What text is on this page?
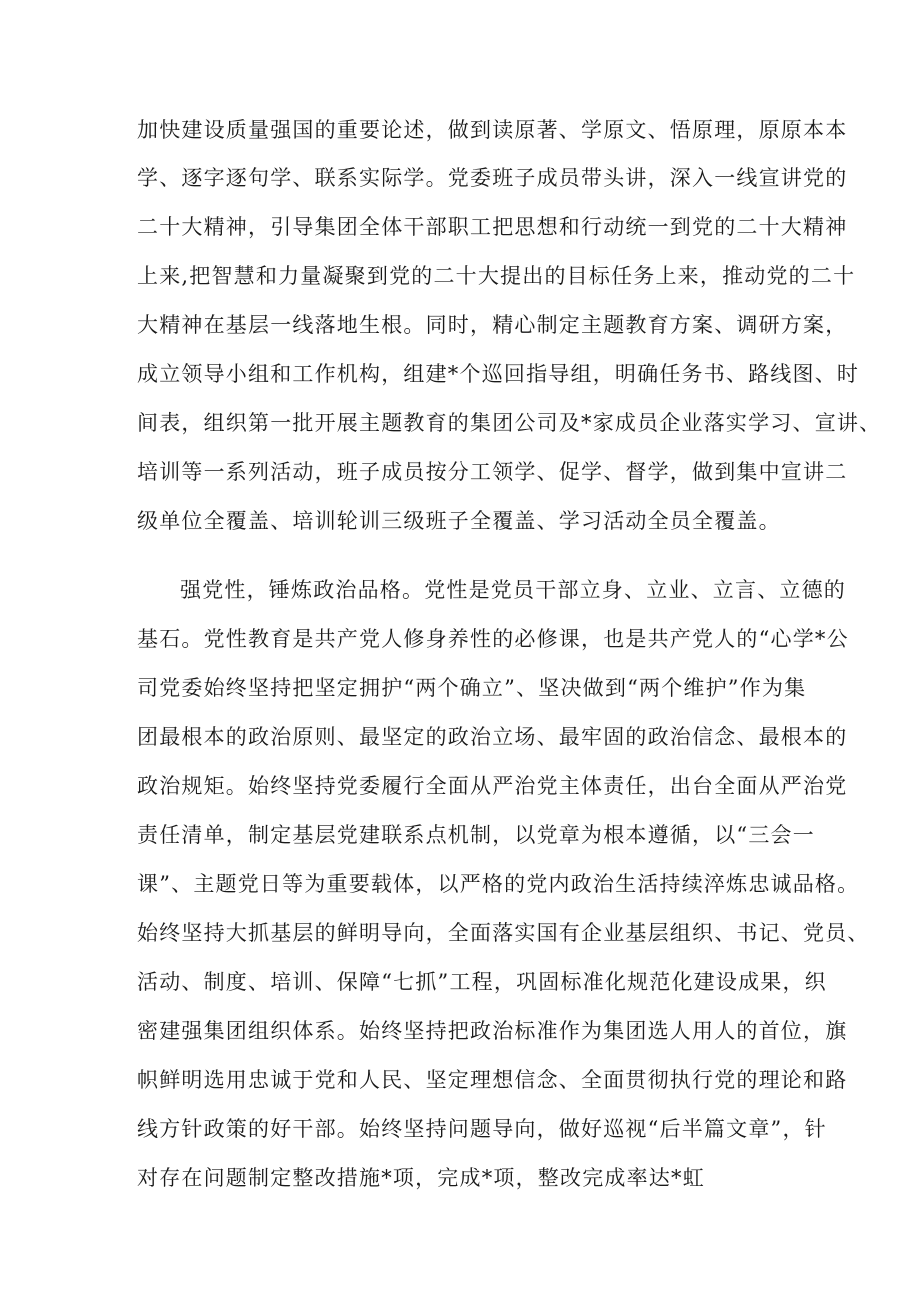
加快建设质量强国的重要论述，做到读原著、学原文、悟原理，原原本本
学、逐字逐句学、联系实际学。党委班子成员带头讲，深入一线宣讲党的
二十大精神，引导集团全体干部职工把思想和行动统一到党的二十大精神
上来,把智慧和力量凝聚到党的二十大提出的目标任务上来，推动党的二十
大精神在基层一线落地生根。同时，精心制定主题教育方案、调研方案，
成立领导小组和工作机构，组建*个巡回指导组，明确任务书、路线图、时
间表，组织第一批开展主题教育的集团公司及*家成员企业落实学习、宣讲、
培训等一系列活动，班子成员按分工领学、促学、督学，做到集中宣讲二
级单位全覆盖、培训轮训三级班子全覆盖、学习活动全员全覆盖。
强党性，锤炼政治品格。党性是党员干部立身、立业、立言、立德的
基石。党性教育是共产党人修身养性的必修课，也是共产党人的“心学*公
司党委始终坚持把坚定拥护“两个确立”、坚决做到“两个维护”作为集
团最根本的政治原则、最坚定的政治立场、最牢固的政治信念、最根本的
政治规矩。始终坚持党委履行全面从严治党主体责任，出台全面从严治党
责任清单，制定基层党建联系点机制，以党章为根本遵循，以“三会一
课”、主题党日等为重要载体，以严格的党内政治生活持续淬炼忠诚品格。
始终坚持大抓基层的鲜明导向，全面落实国有企业基层组织、书记、党员、
活动、制度、培训、保障“七抓”工程，巩固标准化规范化建设成果，织
密建强集团组织体系。始终坚持把政治标准作为集团选人用人的首位，旗
帜鲜明选用忠诚于党和人民、坚定理想信念、全面贯彻执行党的理论和路
线方针政策的好干部。始终坚持问题导向，做好巡视“后半篇文章”，针
对存在问题制定整改措施*项，完成*项，整改完成率达*虹
